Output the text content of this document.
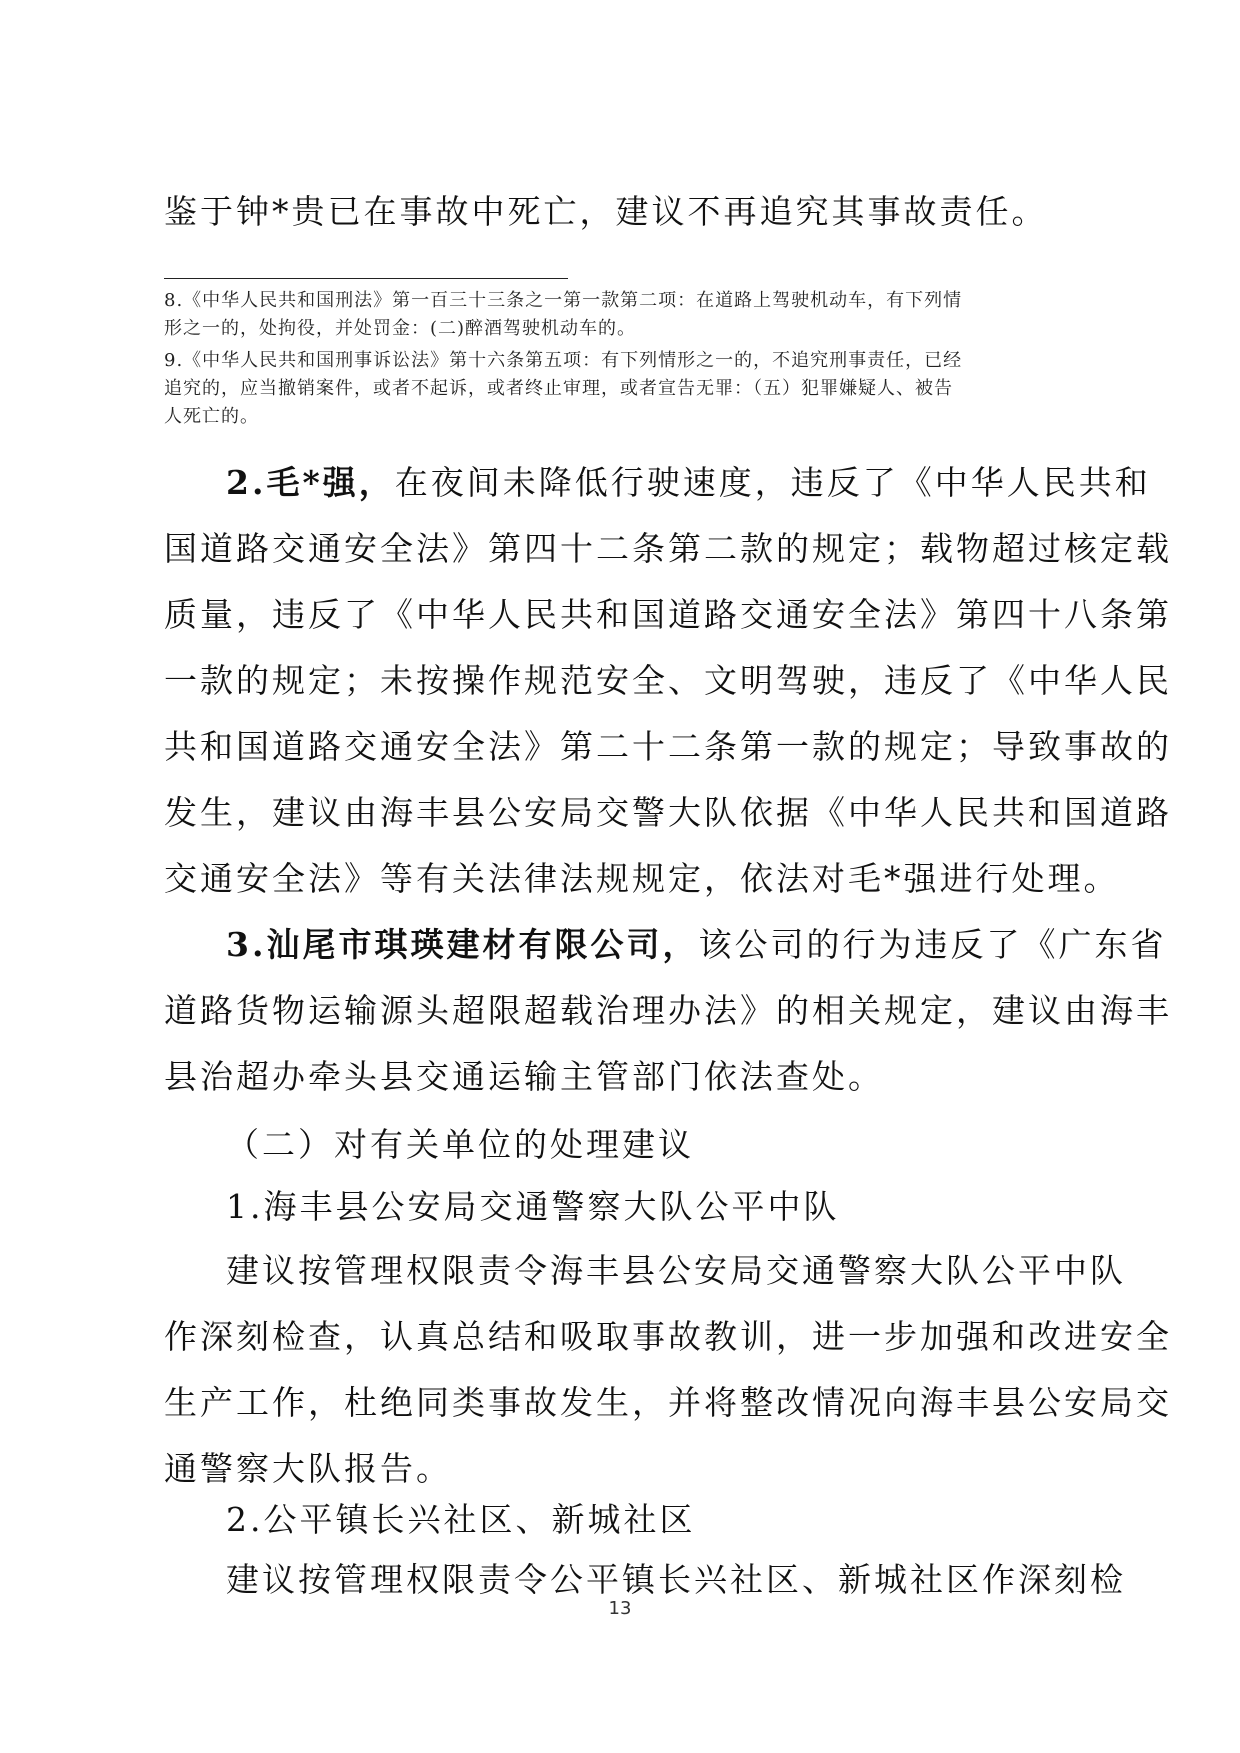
鉴于钟*贵已在事故中死亡，建议不再追究其事故责任。

8.《中华人民共和国刑法》第一百三十三条之一第一款第二项：在道路上驾驶机动车，有下列情

形之一的，处拘役，并处罚金：(二)醉酒驾驶机动车的。

9.《中华人民共和国刑事诉讼法》第十六条第五项：有下列情形之一的，不追究刑事责任，已经

追究的，应当撤销案件，或者不起诉，或者终止审理，或者宣告无罪：（五）犯罪嫌疑人、被告

人死亡的。

2.毛*强，在夜间未降低行驶速度，违反了《中华人民共和

国道路交通安全法》第四十二条第二款的规定；载物超过核定载

质量，违反了《中华人民共和国道路交通安全法》第四十八条第

一款的规定；未按操作规范安全、文明驾驶，违反了《中华人民

共和国道路交通安全法》第二十二条第一款的规定；导致事故的

发生，建议由海丰县公安局交警大队依据《中华人民共和国道路

交通安全法》等有关法律法规规定，依法对毛*强进行处理。

3.汕尾市琪瑛建材有限公司，该公司的行为违反了《广东省

道路货物运输源头超限超载治理办法》的相关规定，建议由海丰

县治超办牵头县交通运输主管部门依法查处。

（二）对有关单位的处理建议

1.海丰县公安局交通警察大队公平中队

建议按管理权限责令海丰县公安局交通警察大队公平中队

作深刻检查，认真总结和吸取事故教训，进一步加强和改进安全

生产工作，杜绝同类事故发生，并将整改情况向海丰县公安局交

通警察大队报告。

2.公平镇长兴社区、新城社区

13

建议按管理权限责令公平镇长兴社区、新城社区作深刻检
